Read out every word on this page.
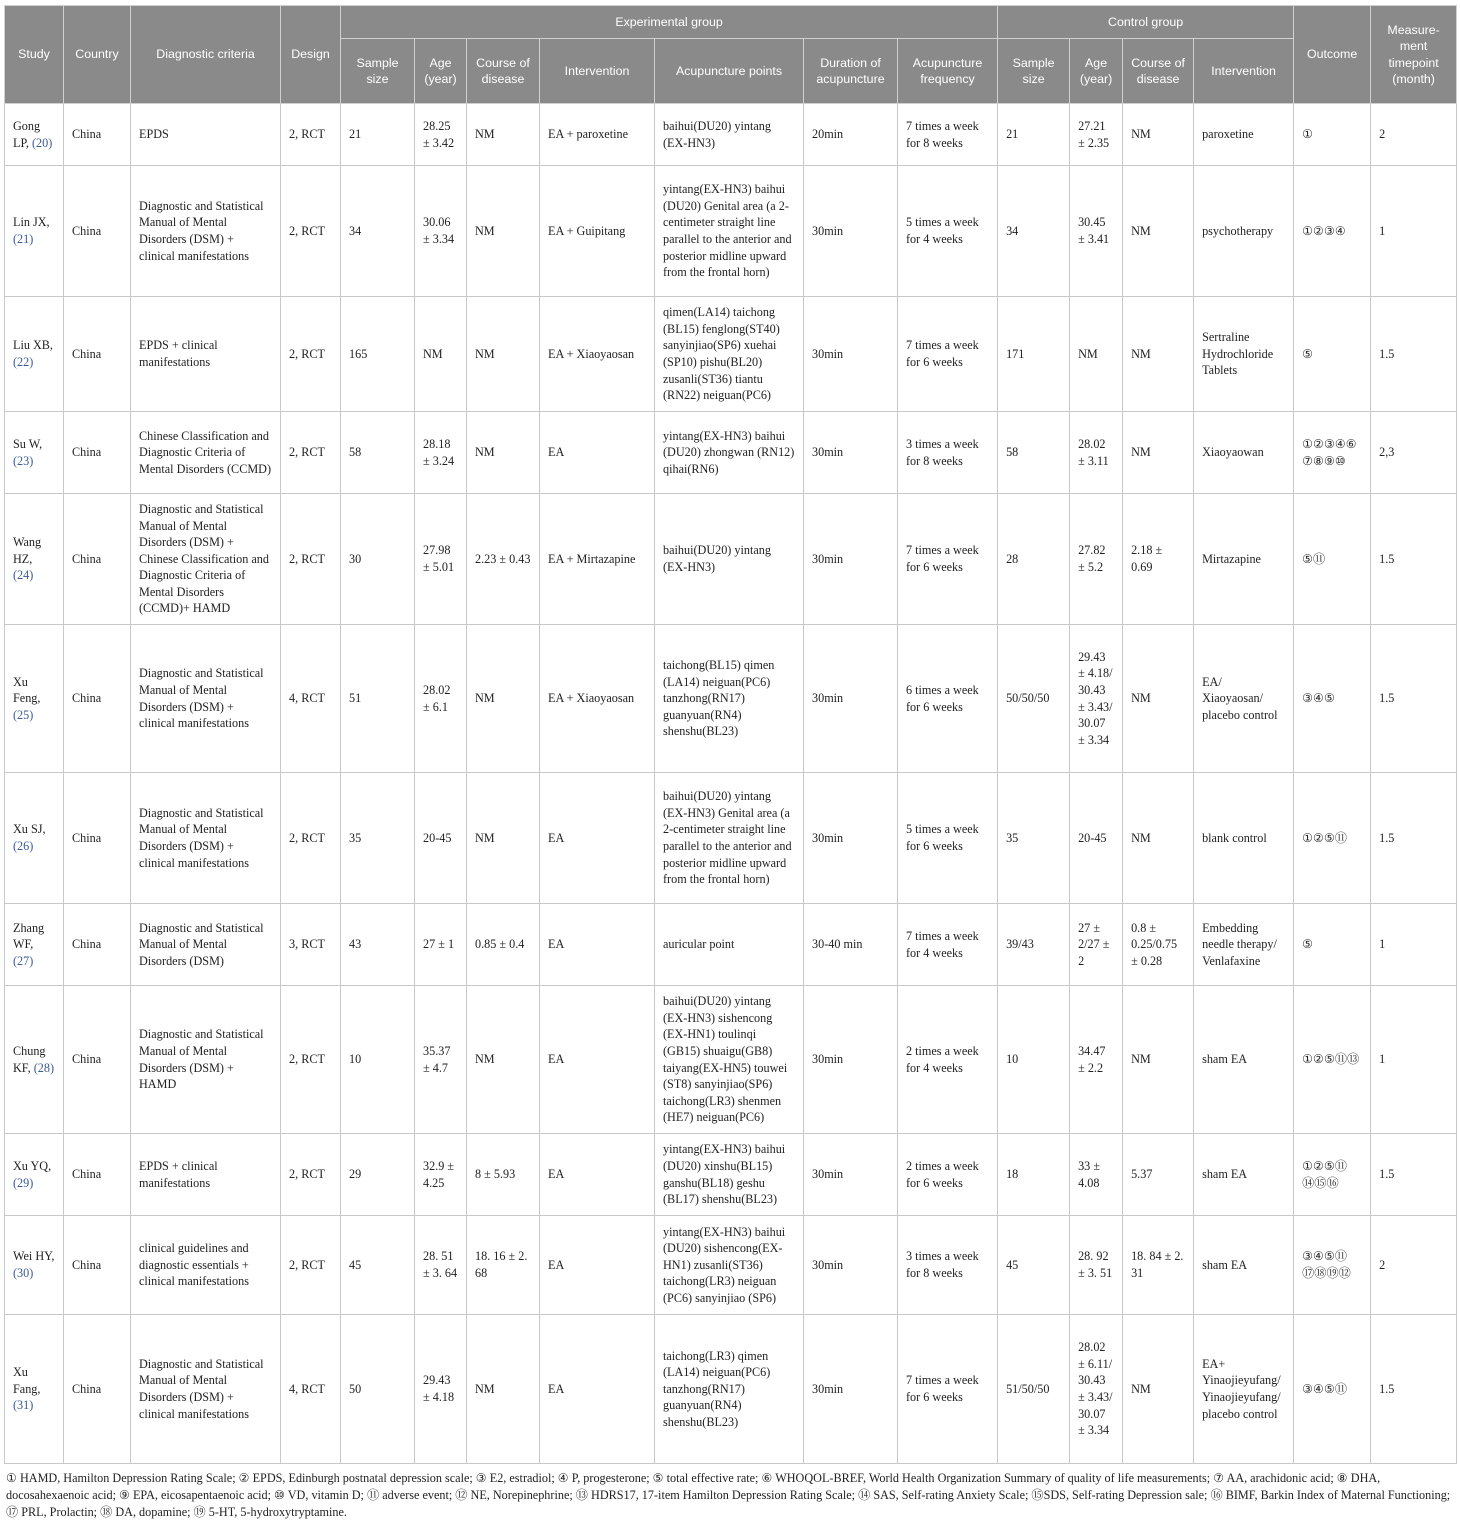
Study	Country	Diagnostic criteria	Design	Experimental group							Control group				Outcome	Measure-ment timepoint (month)
				Sample size	Age (year)	Course of disease	Intervention	Acupuncture points	Duration of acupuncture	Acupuncture frequency	Sample size	Age (year)	Course of disease	Intervention		
Gong LP, (20)	China	EPDS	2, RCT	21	28.25 ± 3.42	NM	EA + paroxetine	baihui(DU20) yintang (EX-HN3)	20min	7 times a week for 8 weeks	21	27.21 ± 2.35	NM	paroxetine	①	2
Lin JX, (21)	China	Diagnostic and Statistical Manual of Mental Disorders (DSM) + clinical manifestations	2, RCT	34	30.06 ± 3.34	NM	EA + Guipitang	yintang(EX-HN3) baihui (DU20) Genital area (a 2-centimeter straight line parallel to the anterior and posterior midline upward from the frontal horn)	30min	5 times a week for 4 weeks	34	30.45 ± 3.41	NM	psychotherapy	①②③④	1
Liu XB, (22)	China	EPDS + clinical manifestations	2, RCT	165	NM	NM	EA + Xiaoyaosan	qimen(LA14) taichong (BL15) fenglong(ST40) sanyinjiao(SP6) xuehai (SP10) pishu(BL20) zusanli(ST36) tiantu (RN22) neiguan(PC6)	30min	7 times a week for 6 weeks	171	NM	NM	Sertraline Hydrochloride Tablets	⑤	1.5
Su W, (23)	China	Chinese Classification and Diagnostic Criteria of Mental Disorders (CCMD)	2, RCT	58	28.18 ± 3.24	NM	EA	yintang(EX-HN3) baihui (DU20) zhongwan (RN12) qihai(RN6)	30min	3 times a week for 8 weeks	58	28.02 ± 3.11	NM	Xiaoyaowan	①②③④⑥ ⑦⑧⑨⑩	2,3
Wang HZ, (24)	China	Diagnostic and Statistical Manual of Mental Disorders (DSM) + Chinese Classification and Diagnostic Criteria of Mental Disorders (CCMD)+ HAMD	2, RCT	30	27.98 ± 5.01	2.23 ± 0.43	EA + Mirtazapine	baihui(DU20) yintang (EX-HN3)	30min	7 times a week for 6 weeks	28	27.82 ± 5.2	2.18 ± 0.69	Mirtazapine	⑤⑪	1.5
Xu Feng, (25)	China	Diagnostic and Statistical Manual of Mental Disorders (DSM) + clinical manifestations	4, RCT	51	28.02 ± 6.1	NM	EA + Xiaoyaosan	taichong(BL15) qimen (LA14) neiguan(PC6) tanzhong(RN17) guanyuan(RN4) shenshu(BL23)	30min	6 times a week for 6 weeks	50/50/50	29.43 ± 4.18/ 30.43 ± 3.43/ 30.07 ± 3.34	NM	EA/ Xiaoyaosan/ placebo control	③④⑤	1.5
Xu SJ, (26)	China	Diagnostic and Statistical Manual of Mental Disorders (DSM) + clinical manifestations	2, RCT	35	20-45	NM	EA	baihui(DU20) yintang (EX-HN3) Genital area (a 2-centimeter straight line parallel to the anterior and posterior midline upward from the frontal horn)	30min	5 times a week for 6 weeks	35	20-45	NM	blank control	①②⑤⑪	1.5
Zhang WF, (27)	China	Diagnostic and Statistical Manual of Mental Disorders (DSM)	3, RCT	43	27 ± 1	0.85 ± 0.4	EA	auricular point	30-40 min	7 times a week for 4 weeks	39/43	27 ± 2/27 ± 2	0.8 ± 0.25/0.75 ± 0.28	Embedding needle therapy/ Venlafaxine	⑤	1
Chung KF, (28)	China	Diagnostic and Statistical Manual of Mental Disorders (DSM) + HAMD	2, RCT	10	35.37 ± 4.7	NM	EA	baihui(DU20) yintang (EX-HN3) sishencong (EX-HN1) toulinqi (GB15) shuaigu(GB8) taiyang(EX-HN5) touwei (ST8) sanyinjiao(SP6) taichong(LR3) shenmen (HE7) neiguan(PC6)	30min	2 times a week for 4 weeks	10	34.47 ± 2.2	NM	sham EA	①②⑤⑪⑬	1
Xu YQ, (29)	China	EPDS + clinical manifestations	2, RCT	29	32.9 ± 4.25	8 ± 5.93	EA	yintang(EX-HN3) baihui (DU20) xinshu(BL15) ganshu(BL18) geshu (BL17) shenshu(BL23)	30min	2 times a week for 6 weeks	18	33 ± 4.08	5.37	sham EA	①②⑤⑪ ⑭⑮⑯	1.5
Wei HY, (30)	China	clinical guidelines and diagnostic essentials + clinical manifestations	2, RCT	45	28. 51 ± 3. 64	18. 16 ± 2. 68	EA	yintang(EX-HN3) baihui (DU20) sishencong(EX-HN1) zusanli(ST36) taichong(LR3) neiguan (PC6) sanyinjiao (SP6)	30min	3 times a week for 8 weeks	45	28. 92 ± 3. 51	18. 84 ± 2. 31	sham EA	③④⑤⑪ ⑰⑱⑲⑫	2
Xu Fang, (31)	China	Diagnostic and Statistical Manual of Mental Disorders (DSM) + clinical manifestations	4, RCT	50	29.43 ± 4.18	NM	EA	taichong(LR3) qimen (LA14) neiguan(PC6) tanzhong(RN17) guanyuan(RN4) shenshu(BL23)	30min	7 times a week for 6 weeks	51/50/50	28.02 ± 6.11/ 30.43 ± 3.43/ 30.07 ± 3.34	NM	EA+ Yinaojieyufang/ Yinaojieyufang/ placebo control	③④⑤⑪	1.5
① HAMD, Hamilton Depression Rating Scale; ② EPDS, Edinburgh postnatal depression scale; ③ E2, estradiol; ④ P, progesterone; ⑤ total effective rate; ⑥ WHOQOL-BREF, World Health Organization Summary of quality of life measurements; ⑦ AA, arachidonic acid; ⑧ DHA, docosahexaenoic acid; ⑨ EPA, eicosapentaenoic acid; ⑩ VD, vitamin D; ⑪ adverse event; ⑫ NE, Norepinephrine; ⑬ HDRS17, 17-item Hamilton Depression Rating Scale; ⑭ SAS, Self-rating Anxiety Scale; ⑮SDS, Self-rating Depression sale; ⑯ BIMF, Barkin Index of Maternal Functioning; ⑰ PRL, Prolactin; ⑱ DA, dopamine; ⑲ 5-HT, 5-hydroxytryptamine.
